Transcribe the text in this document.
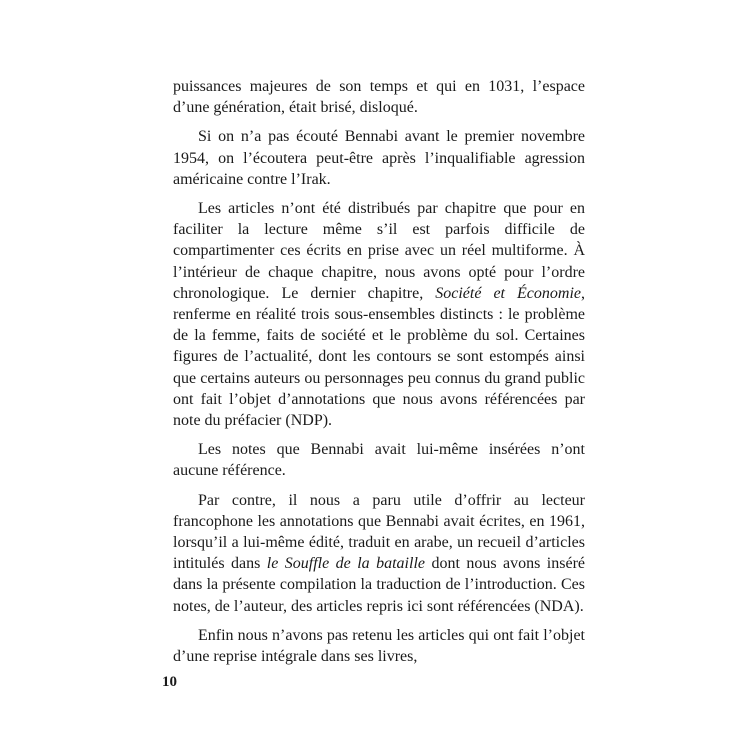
puissances majeures de son temps et qui en 1031, l’espace d’une génération, était brisé, disloqué.

Si on n’a pas écouté Bennabi avant le premier novembre 1954, on l’écoutera peut-être après l’inqualifiable agression américaine contre l’Irak.

Les articles n’ont été distribués par chapitre que pour en faciliter la lecture même s’il est parfois difficile de compartimenter ces écrits en prise avec un réel multiforme. À l’intérieur de chaque chapitre, nous avons opté pour l’ordre chronologique. Le dernier chapitre, Société et Économie, renferme en réalité trois sous-ensembles distincts : le problème de la femme, faits de société et le problème du sol. Certaines figures de l’actualité, dont les contours se sont estompés ainsi que certains auteurs ou personnages peu connus du grand public ont fait l’objet d’annotations que nous avons référencées par note du préfacier (NDP).

Les notes que Bennabi avait lui-même insérées n’ont aucune référence.

Par contre, il nous a paru utile d’offrir au lecteur francophone les annotations que Bennabi avait écrites, en 1961, lorsqu’il a lui-même édité, traduit en arabe, un recueil d’articles intitulés dans le Souffle de la bataille dont nous avons inséré dans la présente compilation la traduction de l’introduction. Ces notes, de l’auteur, des articles repris ici sont référencées (NDA).

Enfin nous n’avons pas retenu les articles qui ont fait l’objet d’une reprise intégrale dans ses livres,

10
